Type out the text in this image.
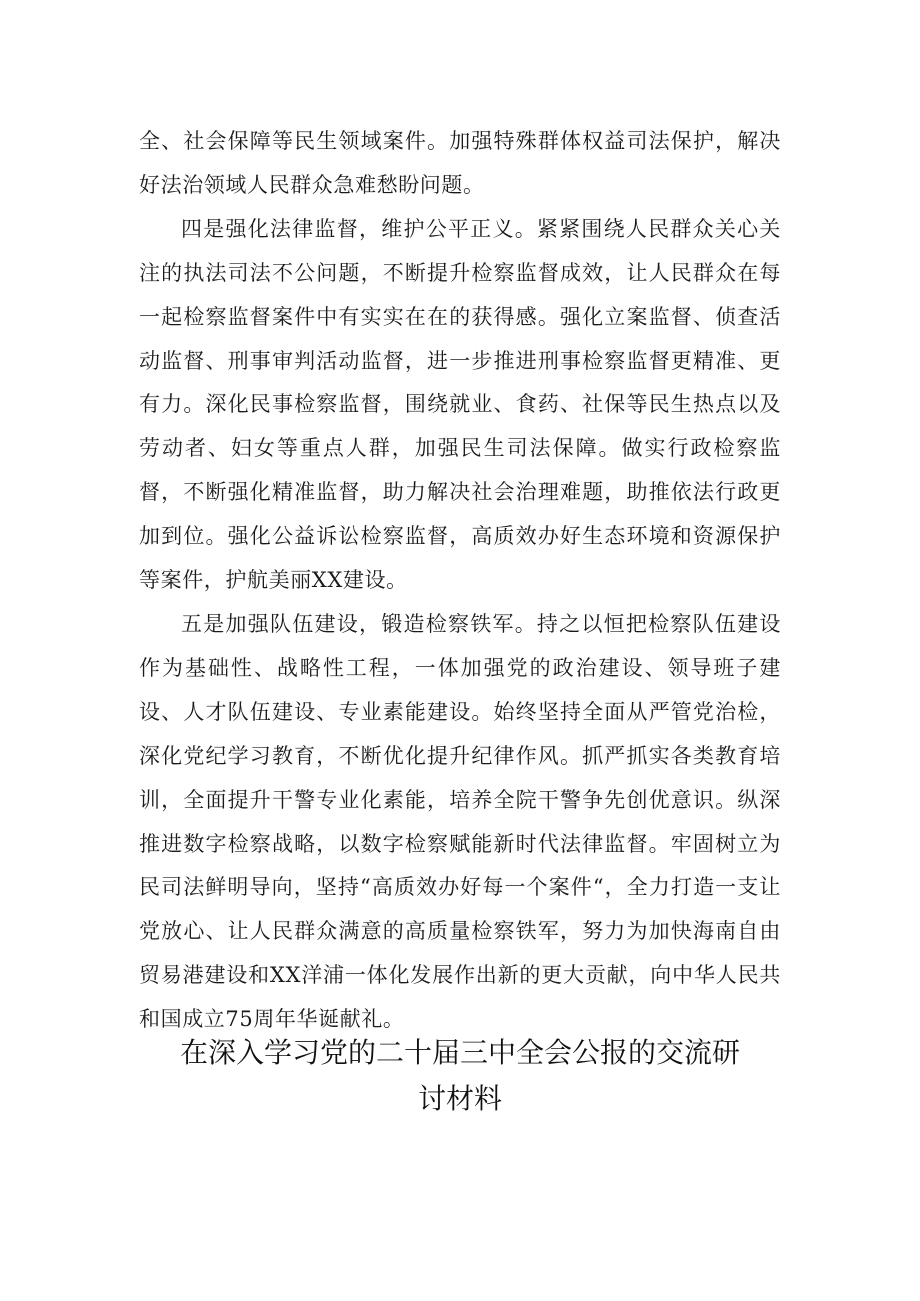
全、社会保障等民生领域案件。加强特殊群体权益司法保护，解决好法治领域人民群众急难愁盼问题。

四是强化法律监督，维护公平正义。紧紧围绕人民群众关心关注的执法司法不公问题，不断提升检察监督成效，让人民群众在每一起检察监督案件中有实实在在的获得感。强化立案监督、侦查活动监督、刑事审判活动监督，进一步推进刑事检察监督更精准、更有力。深化民事检察监督，围绕就业、食药、社保等民生热点以及劳动者、妇女等重点人群，加强民生司法保障。做实行政检察监督，不断强化精准监督，助力解决社会治理难题，助推依法行政更加到位。强化公益诉讼检察监督，高质效办好生态环境和资源保护等案件，护航美丽XX建设。

五是加强队伍建设，锻造检察铁军。持之以恒把检察队伍建设作为基础性、战略性工程，一体加强党的政治建设、领导班子建设、人才队伍建设、专业素能建设。始终坚持全面从严管党治检，深化党纪学习教育，不断优化提升纪律作风。抓严抓实各类教育培训，全面提升干警专业化素能，培养全院干警争先创优意识。纵深推进数字检察战略，以数字检察赋能新时代法律监督。牢固树立为民司法鲜明导向，坚持“高质效办好每一个案件“，全力打造一支让党放心、让人民群众满意的高质量检察铁军，努力为加快海南自由贸易港建设和XX洋浦一体化发展作出新的更大贡献，向中华人民共和国成立75周年华诞献礼。

在深入学习党的二十届三中全会公报的交流研
讨材料
